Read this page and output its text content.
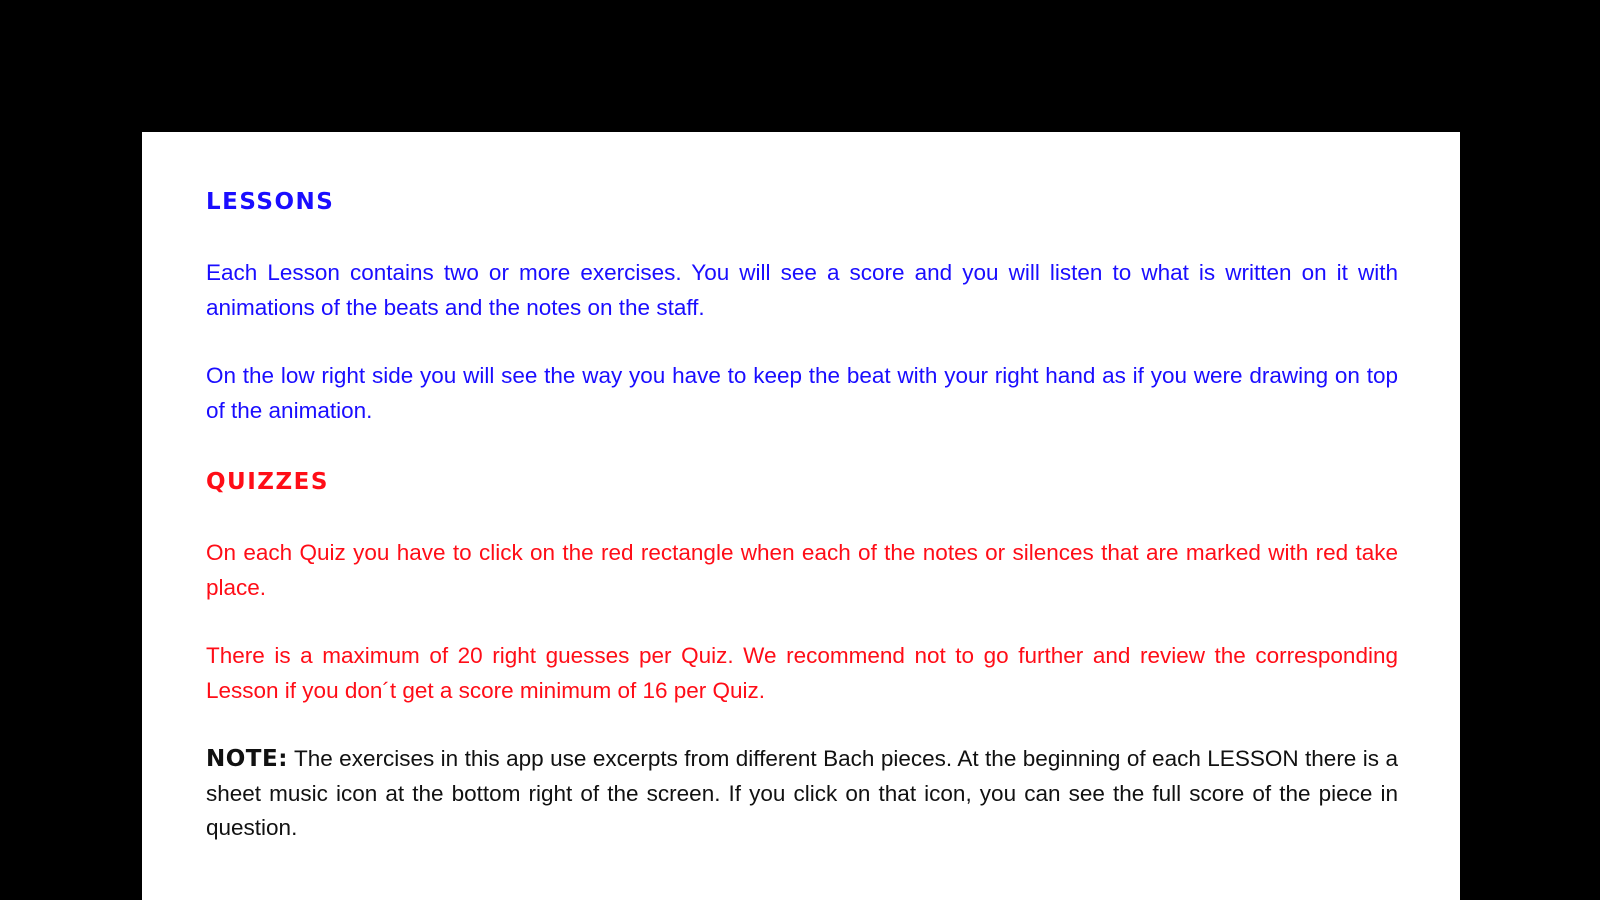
LESSONS

Each Lesson contains two or more exercises. You will see a score and you will listen to what is written on it with animations of the beats and the notes on the staff.

On the low right side you will see the way you have to keep the beat with your right hand as if you were drawing on top of the animation.

QUIZZES

On each Quiz you have to click on the red rectangle when each of the notes or silences that are marked with red take place.

There is a maximum of 20 right guesses per Quiz. We recommend not to go further and review the corresponding Lesson if you don´t get a score minimum of 16 per Quiz.

NOTE: The exercises in this app use excerpts from different Bach pieces. At the beginning of each LESSON there is a sheet music icon at the bottom right of the screen. If you click on that icon, you can see the full score of the piece in question.
